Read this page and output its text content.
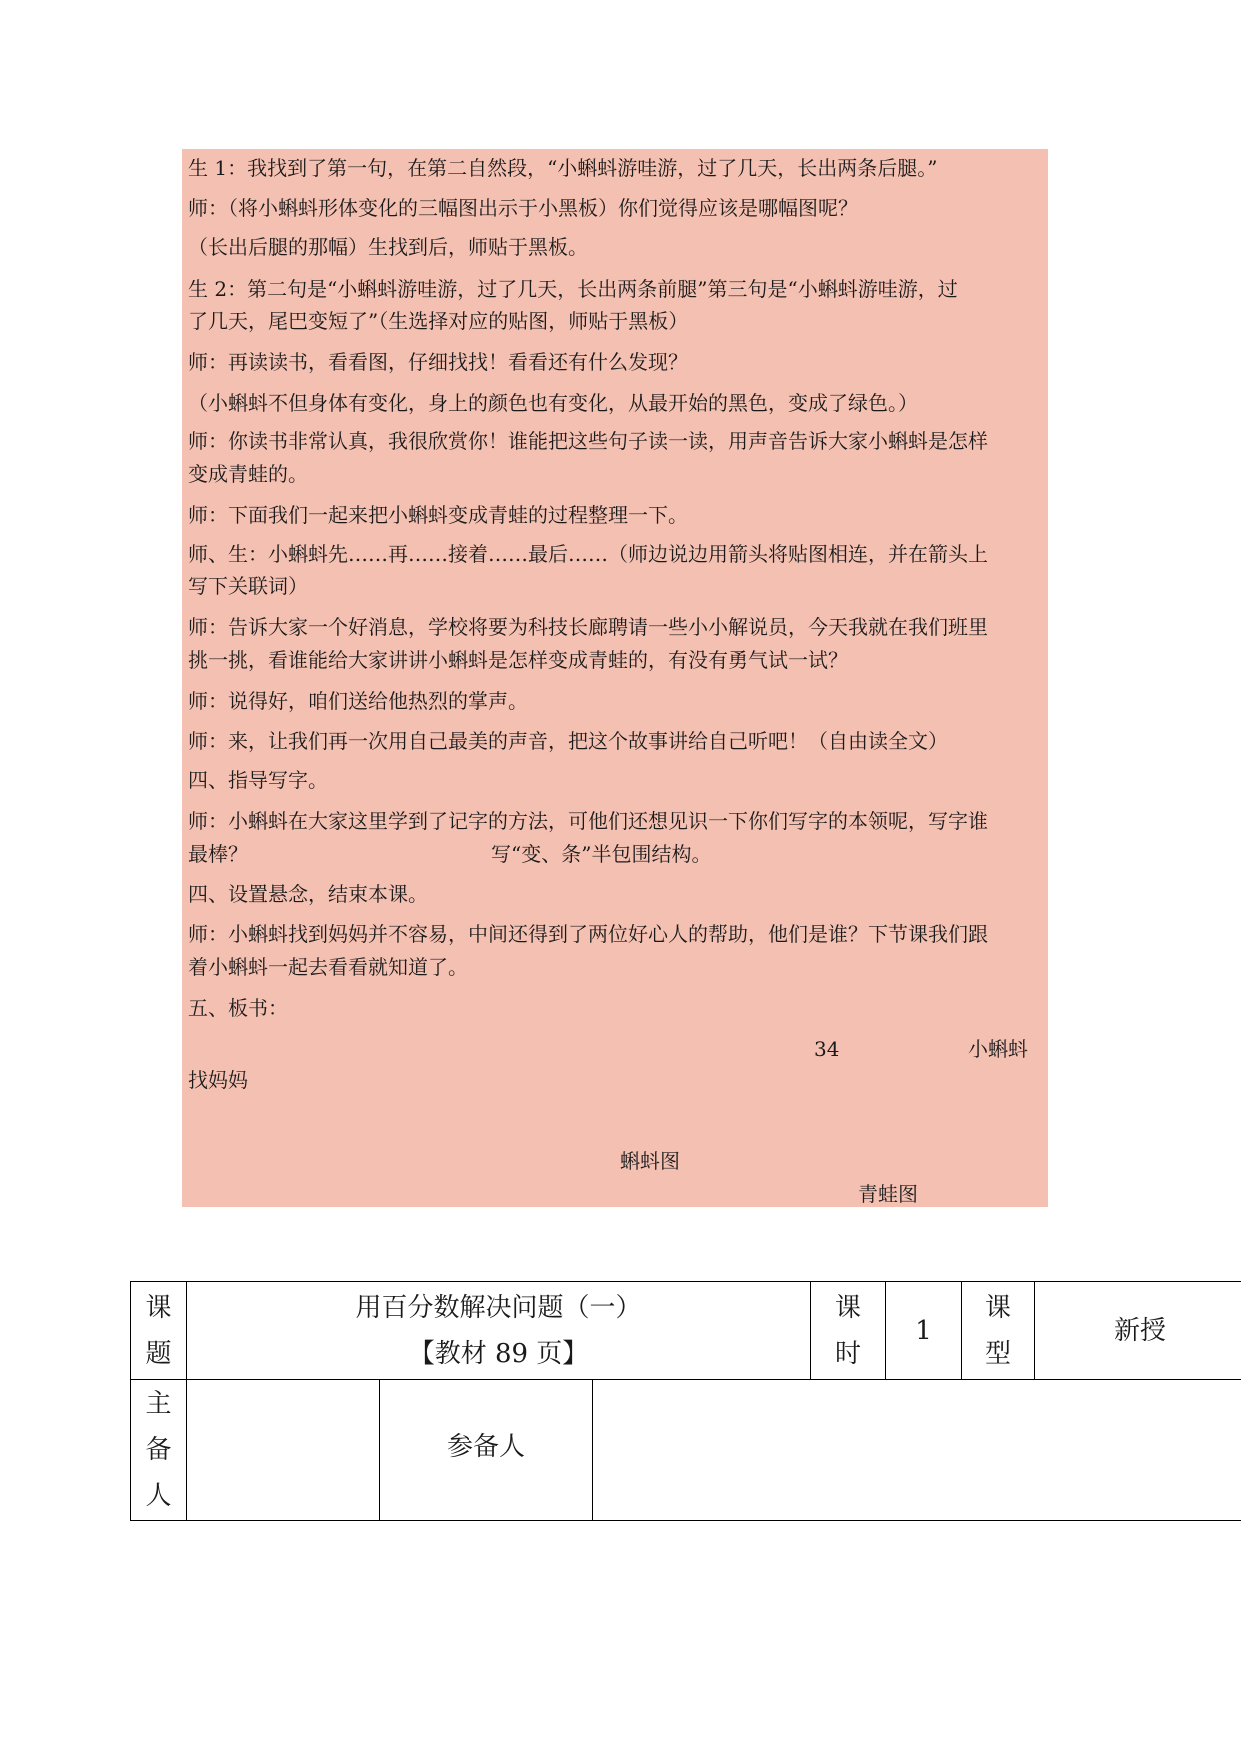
生 1：我找到了第一句，在第二自然段，“小蝌蚪游哇游，过了几天，长出两条后腿。”
师：（将小蝌蚪形体变化的三幅图出示于小黑板）你们觉得应该是哪幅图呢？
（长出后腿的那幅）生找到后，师贴于黑板。
生 2：第二句是“小蝌蚪游哇游，过了几天，长出两条前腿”第三句是“小蝌蚪游哇游，过
了几天，尾巴变短了”（生选择对应的贴图，师贴于黑板）
师：再读读书，看看图，仔细找找！看看还有什么发现？
（小蝌蚪不但身体有变化，身上的颜色也有变化，从最开始的黑色，变成了绿色。）
师：你读书非常认真，我很欣赏你！谁能把这些句子读一读，用声音告诉大家小蝌蚪是怎样
变成青蛙的。
师：下面我们一起来把小蝌蚪变成青蛙的过程整理一下。
师、生：小蝌蚪先……再……接着……最后……（师边说边用箭头将贴图相连，并在箭头上
写下关联词）
师：告诉大家一个好消息，学校将要为科技长廊聘请一些小小解说员，今天我就在我们班里
挑一挑，看谁能给大家讲讲小蝌蚪是怎样变成青蛙的，有没有勇气试一试？
师：说得好，咱们送给他热烈的掌声。
师：来，让我们再一次用自己最美的声音，把这个故事讲给自己听吧！（自由读全文）
四、指导写字。
师：小蝌蚪在大家这里学到了记字的方法，可他们还想见识一下你们写字的本领呢，写字谁
最棒？	写“变、条”半包围结构。
四、设置悬念，结束本课。
师：小蝌蚪找到妈妈并不容易，中间还得到了两位好心人的帮助，他们是谁？下节课我们跟
着小蝌蚪一起去看看就知道了。
五、板书：
34	小蝌蚪
找妈妈
蝌蚪图
青蛙图
课题
用百分数解决问题（一）
【教材 89 页】
课时
1
课型
新授
主备人
参备人
